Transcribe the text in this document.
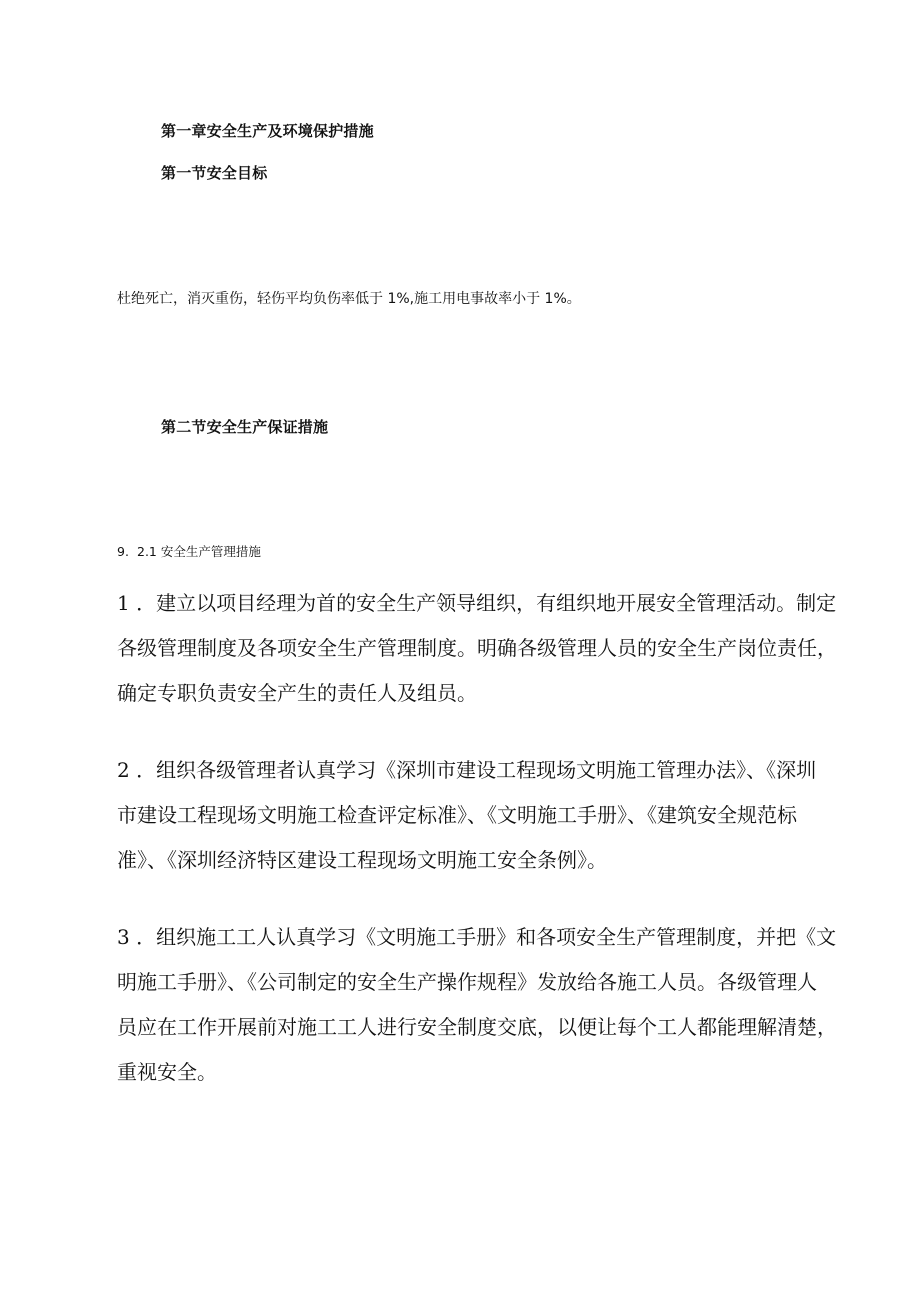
第一章安全生产及环境保护措施
第一节安全目标
杜绝死亡，消灭重伤，轻伤平均负伤率低于 1%,施工用电事故率小于 1%。
第二节安全生产保证措施
9. 2.1 安全生产管理措施
1 ．建立以项目经理为首的安全生产领导组织，有组织地开展安全管理活动。制定
各级管理制度及各项安全生产管理制度。明确各级管理人员的安全生产岗位责任，
确定专职负责安全产生的责任人及组员。
2 ．组织各级管理者认真学习《深圳市建设工程现场文明施工管理办法》、《深圳
市建设工程现场文明施工检查评定标准》、《文明施工手册》、《建筑安全规范标
准》、《深圳经济特区建设工程现场文明施工安全条例》。
3 ．组织施工工人认真学习《文明施工手册》和各项安全生产管理制度，并把《文
明施工手册》、《公司制定的安全生产操作规程》发放给各施工人员。各级管理人
员应在工作开展前对施工工人进行安全制度交底，以便让每个工人都能理解清楚，
重视安全。
